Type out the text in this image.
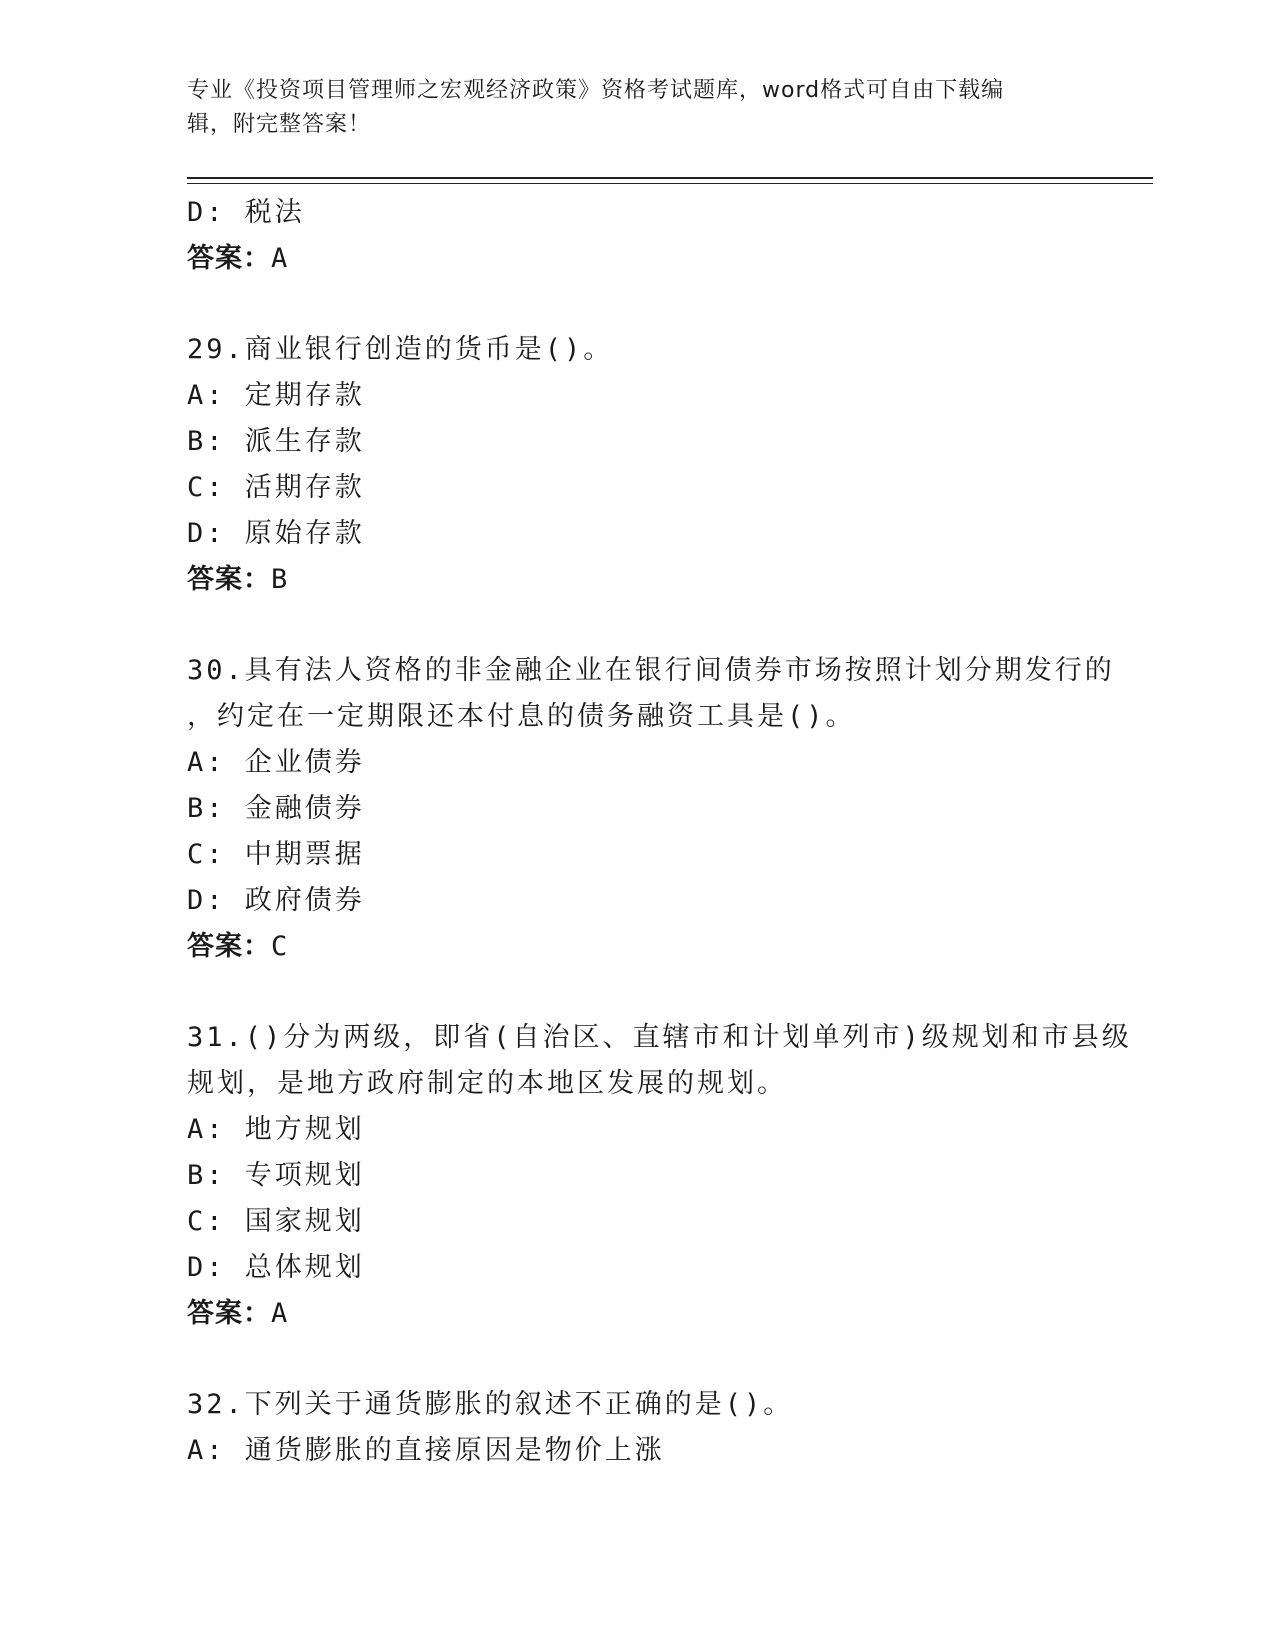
专业《投资项目管理师之宏观经济政策》资格考试题库，word格式可自由下载编
辑，附完整答案！
D: 税法
答案：A
29.商业银行创造的货币是()。
A: 定期存款
B: 派生存款
C: 活期存款
D: 原始存款
答案：B
30.具有法人资格的非金融企业在银行间债券市场按照计划分期发行的
，约定在一定期限还本付息的债务融资工具是()。
A: 企业债券
B: 金融债券
C: 中期票据
D: 政府债券
答案：C
31.()分为两级，即省(自治区、直辖市和计划单列市)级规划和市县级
规划，是地方政府制定的本地区发展的规划。
A: 地方规划
B: 专项规划
C: 国家规划
D: 总体规划
答案：A
32.下列关于通货膨胀的叙述不正确的是()。
A: 通货膨胀的直接原因是物价上涨
